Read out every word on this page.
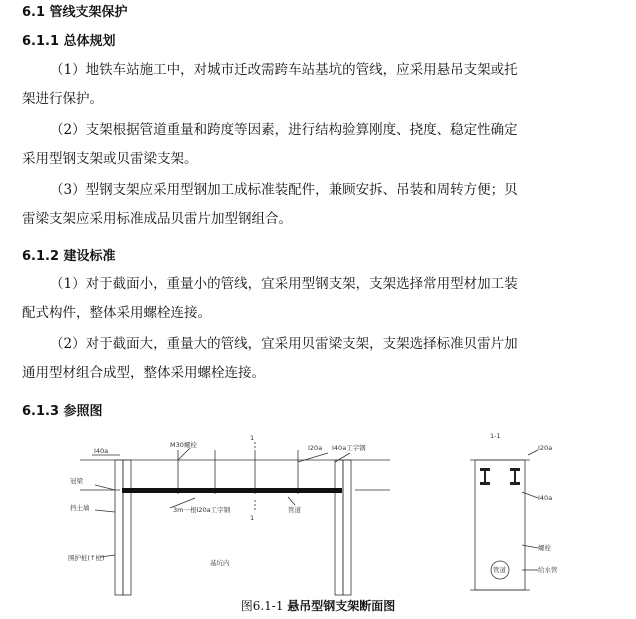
6.1 管线支架保护
6.1.1 总体规划
（1）地铁车站施工中，对城市迁改需跨车站基坑的管线，应采用悬吊支架或托
架进行保护。
（2）支架根据管道重量和跨度等因素，进行结构验算刚度、挠度、稳定性确定
采用型钢支架或贝雷梁支架。
（3）型钢支架应采用型钢加工成标准装配件，兼顾安拆、吊装和周转方便；贝
雷梁支架应采用标准成品贝雷片加型钢组合。
6.1.2 建设标准
（1）对于截面小，重量小的管线，宜采用型钢支架，支架选择常用型材加工装
配式构件，整体采用螺栓连接。
（2）对于截面大，重量大的管线，宜采用贝雷梁支架，支架选择标准贝雷片加
通用型材组合成型，整体采用螺栓连接。
6.1.3 参照图
I40a
M30螺栓
1
I20a I40a工字钢
冠梁
挡土墙	3m一根I20a工字钢	管道
1
围护桩(↑桩)
基坑内
1-1
I20a
I40a
螺栓
管道	给水管
图6.1-1 悬吊型钢支架断面图
